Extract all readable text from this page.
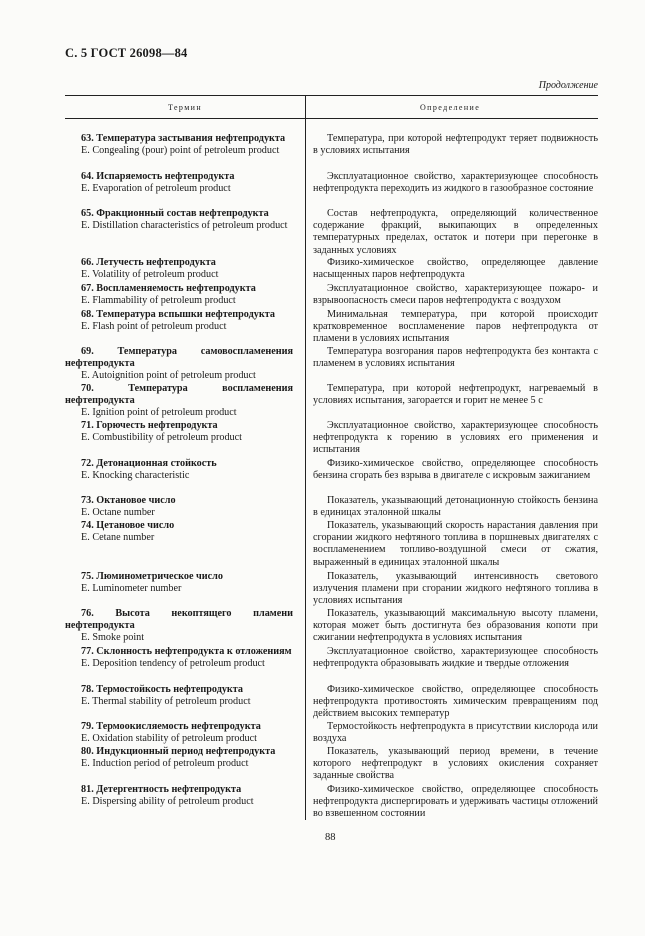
С. 5 ГОСТ 26098—84
Продолжение
Термин	Определение
63. Температура застывания нефтепродукта
E. Congealing (pour) point of petroleum product
Температура, при которой нефтепродукт теряет подвижность в условиях испытания
64. Испаряемость нефтепродукта
E. Evaporation of petroleum product
Эксплуатационное свойство, характеризующее способность нефтепродукта переходить из жидкого в газообразное состояние
65. Фракционный состав нефтепродукта
E. Distillation characteristics of petroleum product
Состав нефтепродукта, определяющий количественное содержание фракций, выкипающих в определенных температурных пределах, остаток и потери при перегонке в заданных условиях
66. Летучесть нефтепродукта
E. Volatility of petroleum product
Физико-химическое свойство, определяющее давление насыщенных паров нефтепродукта
67. Воспламеняемость нефтепродукта
E. Flammability of petroleum product
Эксплуатационное свойство, характеризующее пожаро- и взрывоопасность смеси паров нефтепродукта с воздухом
68. Температура вспышки нефтепродукта
E. Flash point of petroleum product
Минимальная температура, при которой происходит кратковременное воспламенение паров нефтепродукта от пламени в условиях испытания
69. Температура самовоспламенения нефтепродукта
E. Autoignition point of petroleum product
Температура возгорания паров нефтепродукта без контакта с пламенем в условиях испытания
70. Температура воспламенения нефтепродукта
E. Ignition point of petroleum product
Температура, при которой нефтепродукт, нагреваемый в условиях испытания, загорается и горит не менее 5 с
71. Горючесть нефтепродукта
E. Combustibility of petroleum product
Эксплуатационное свойство, характеризующее способность нефтепродукта к горению в условиях его применения и испытания
72. Детонационная стойкость
E. Knocking characteristic
Физико-химическое свойство, определяющее способность бензина сгорать без взрыва в двигателе с искровым зажиганием
73. Октановое число
E. Octane number
Показатель, указывающий детонационную стойкость бензина в единицах эталонной шкалы
74. Цетановое число
E. Cetane number
Показатель, указывающий скорость нарастания давления при сгорании жидкого нефтяного топлива в поршневых двигателях с воспламенением топливо-воздушной смеси от сжатия, выраженный в единицах эталонной шкалы
75. Люминометрическое число
E. Luminometer number
Показатель, указывающий интенсивность светового излучения пламени при сгорании жидкого нефтяного топлива в условиях испытания
76. Высота некоптящего пламени нефтепродукта
E. Smoke point
Показатель, указывающий максимальную высоту пламени, которая может быть достигнута без образования копоти при сжигании нефтепродукта в условиях испытания
77. Склонность нефтепродукта к отложениям
E. Deposition tendency of petroleum product
Эксплуатационное свойство, характеризующее способность нефтепродукта образовывать жидкие и твердые отложения
78. Термостойкость нефтепродукта
E. Thermal stability of petroleum product
Физико-химическое свойство, определяющее способность нефтепродукта противостоять химическим превращениям под действием высоких температур
79. Термоокисляемость нефтепродукта
E. Oxidation stability of petroleum product
Термостойкость нефтепродукта в присутствии кислорода или воздуха
80. Индукционный период нефтепродукта
E. Induction period of petroleum product
Показатель, указывающий период времени, в течение которого нефтепродукт в условиях окисления сохраняет заданные свойства
81. Детергентность нефтепродукта
E. Dispersing ability of petroleum product
Физико-химическое свойство, определяющее способность нефтепродукта диспергировать и удерживать частицы отложений во взвешенном состоянии
88
